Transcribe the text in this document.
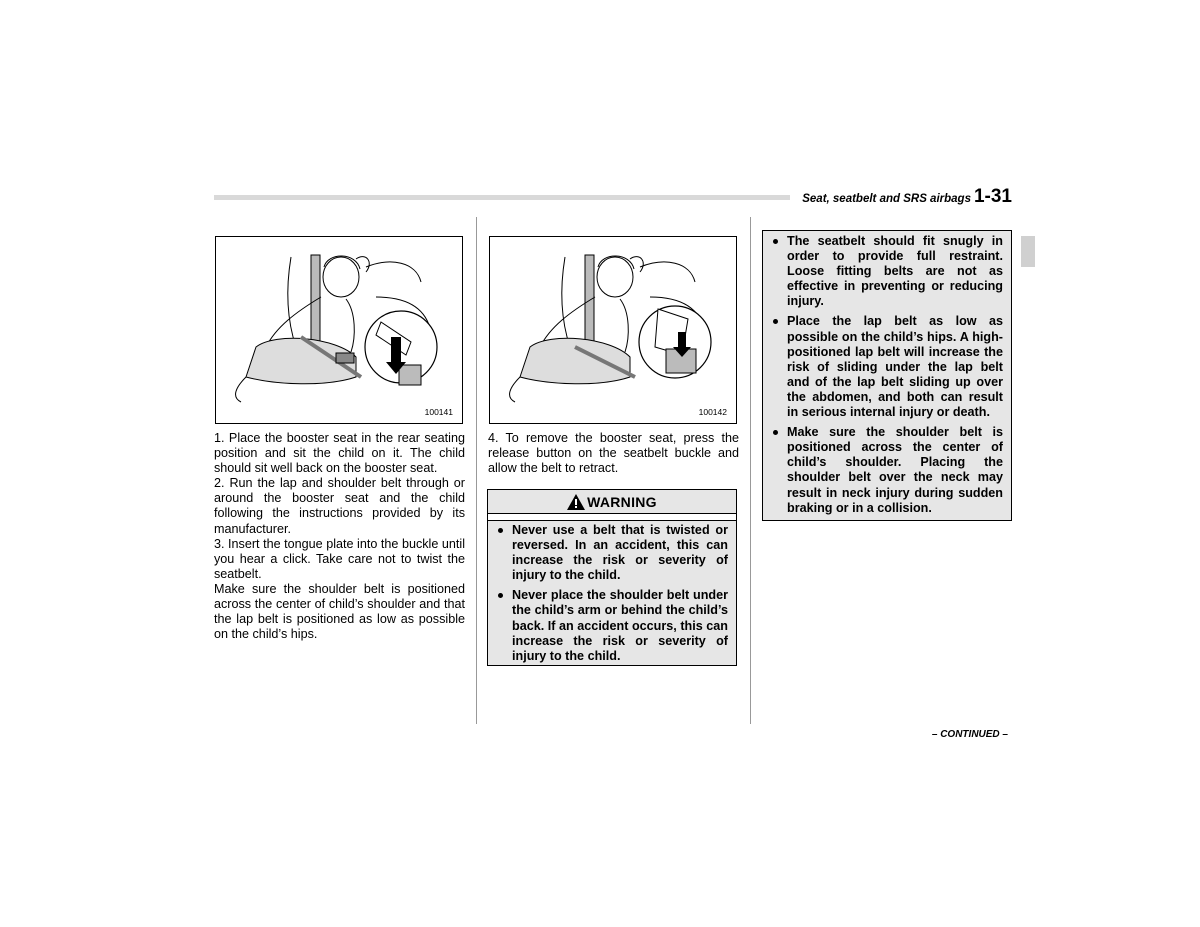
Seat, seatbelt and SRS airbags 1-31
100141	100142

1. Place the booster seat in the rear seating position and sit the child on it. The child should sit well back on the booster seat.

2. Run the lap and shoulder belt through or around the booster seat and the child following the instructions provided by its manufacturer.

3. Insert the tongue plate into the buckle until you hear a click. Take care not to twist the seatbelt.

Make sure the shoulder belt is positioned across the center of child’s shoulder and that the lap belt is positioned as low as possible on the child’s hips.

4. To remove the booster seat, press the release button on the seatbelt buckle and allow the belt to retract.

WARNING
Never use a belt that is twisted or reversed. In an accident, this can increase the risk or severity of injury to the child.
Never place the shoulder belt under the child’s arm or behind the child’s back. If an accident occurs, this can increase the risk or severity of injury to the child.
The seatbelt should fit snugly in order to provide full restraint. Loose fitting belts are not as effective in preventing or reducing injury.
Place the lap belt as low as possible on the child’s hips. A high-positioned lap belt will increase the risk of sliding under the lap belt and of the lap belt sliding up over the abdomen, and both can result in serious internal injury or death.
Make sure the shoulder belt is positioned across the center of child’s shoulder. Placing the shoulder belt over the neck may result in neck injury during sudden braking or in a collision.
– CONTINUED –
